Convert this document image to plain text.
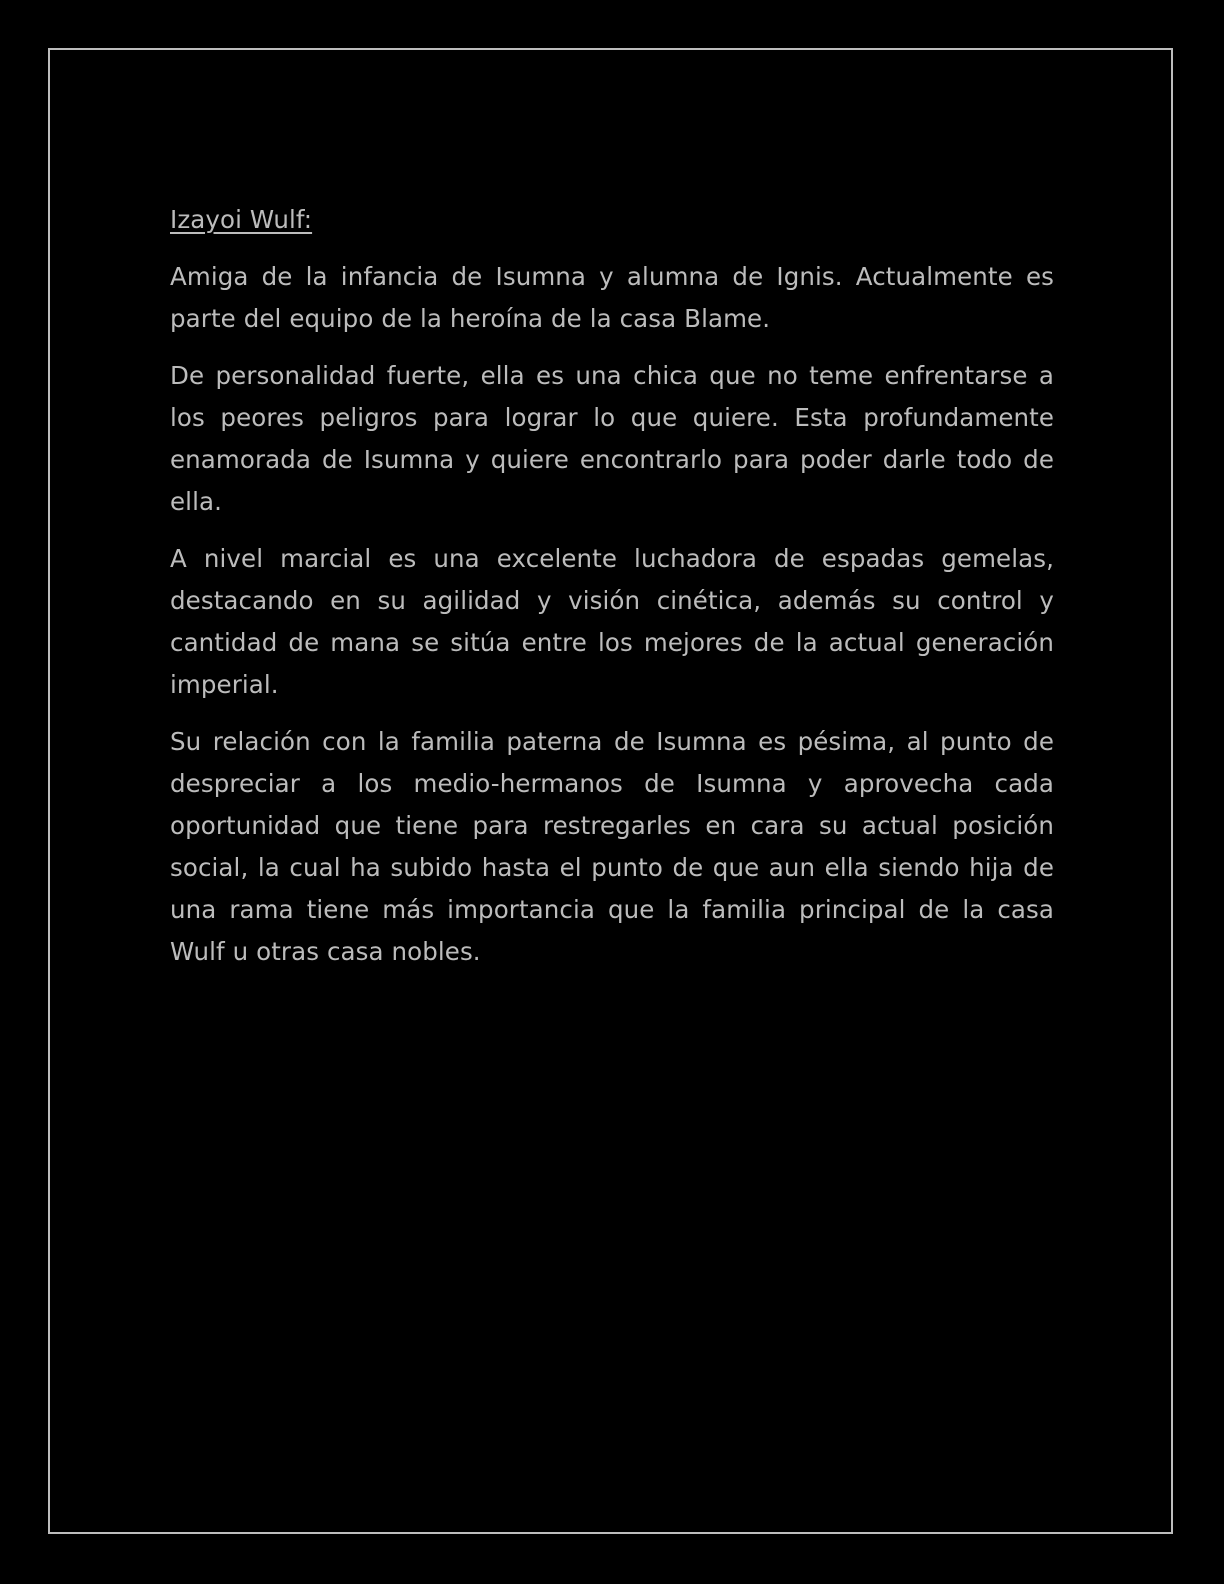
Izayoi Wulf:

Amiga de la infancia de Isumna y alumna de Ignis. Actualmente es parte del equipo de la heroína de la casa Blame.

De personalidad fuerte, ella es una chica que no teme enfrentarse a los peores peligros para lograr lo que quiere. Esta profundamente enamorada de Isumna y quiere encontrarlo para poder darle todo de ella.

A nivel marcial es una excelente luchadora de espadas gemelas, destacando en su agilidad y visión cinética, además su control y cantidad de mana se sitúa entre los mejores de la actual generación imperial.

Su relación con la familia paterna de Isumna es pésima, al punto de despreciar a los medio-hermanos de Isumna y aprovecha cada oportunidad que tiene para restregarles en cara su actual posición social, la cual ha subido hasta el punto de que aun ella siendo hija de una rama tiene más importancia que la familia principal de la casa Wulf u otras casa nobles.
